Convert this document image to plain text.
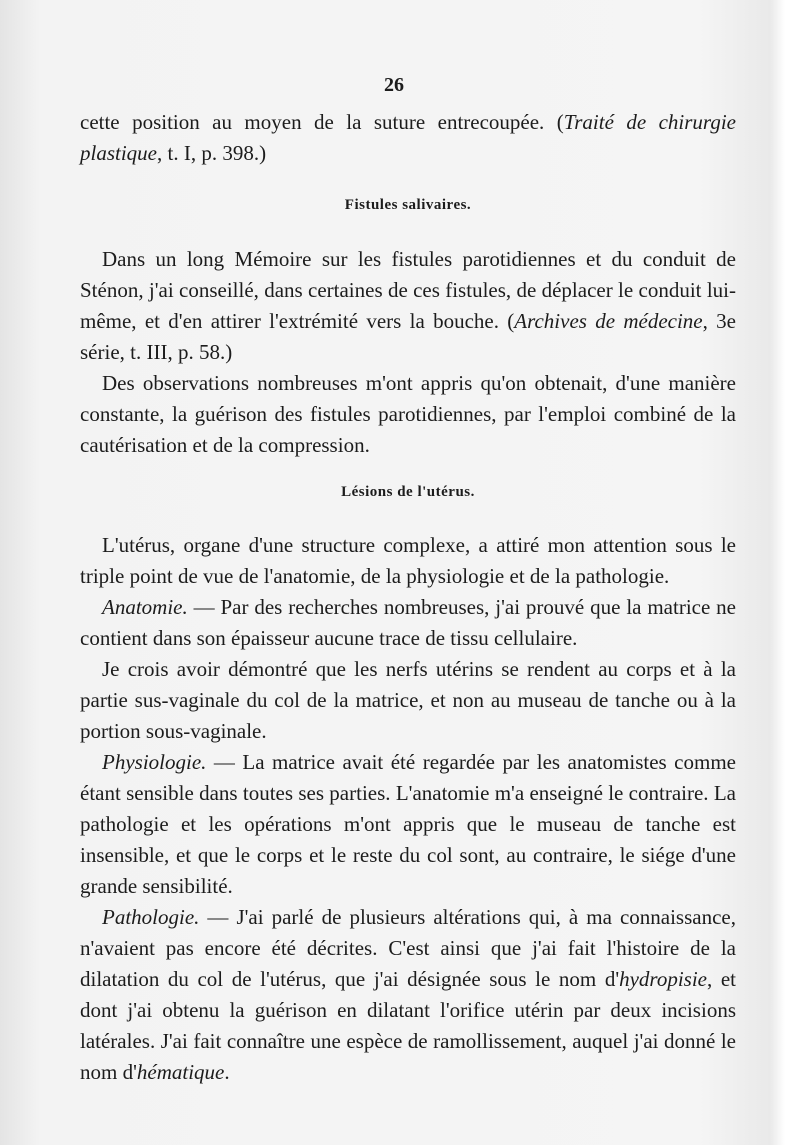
26

cette position au moyen de la suture entrecoupée. (Traité de chirurgie plastique, t. I, p. 398.)

Fistules salivaires.

Dans un long Mémoire sur les fistules parotidiennes et du conduit de Sténon, j'ai conseillé, dans certaines de ces fistules, de déplacer le conduit lui-même, et d'en attirer l'extrémité vers la bouche. (Archives de médecine, 3e série, t. III, p. 58.)

Des observations nombreuses m'ont appris qu'on obtenait, d'une manière constante, la guérison des fistules parotidiennes, par l'emploi combiné de la cautérisation et de la compression.

Lésions de l'utérus.

L'utérus, organe d'une structure complexe, a attiré mon attention sous le triple point de vue de l'anatomie, de la physiologie et de la pathologie.

Anatomie. — Par des recherches nombreuses, j'ai prouvé que la matrice ne contient dans son épaisseur aucune trace de tissu cellulaire.

Je crois avoir démontré que les nerfs utérins se rendent au corps et à la partie sus-vaginale du col de la matrice, et non au museau de tanche ou à la portion sous-vaginale.

Physiologie. — La matrice avait été regardée par les anatomistes comme étant sensible dans toutes ses parties. L'anatomie m'a enseigné le contraire. La pathologie et les opérations m'ont appris que le museau de tanche est insensible, et que le corps et le reste du col sont, au contraire, le siége d'une grande sensibilité.

Pathologie. — J'ai parlé de plusieurs altérations qui, à ma connaissance, n'avaient pas encore été décrites. C'est ainsi que j'ai fait l'histoire de la dilatation du col de l'utérus, que j'ai désignée sous le nom d'hydropisie, et dont j'ai obtenu la guérison en dilatant l'orifice utérin par deux incisions latérales. J'ai fait connaître une espèce de ramollissement, auquel j'ai donné le nom d'hématique.
